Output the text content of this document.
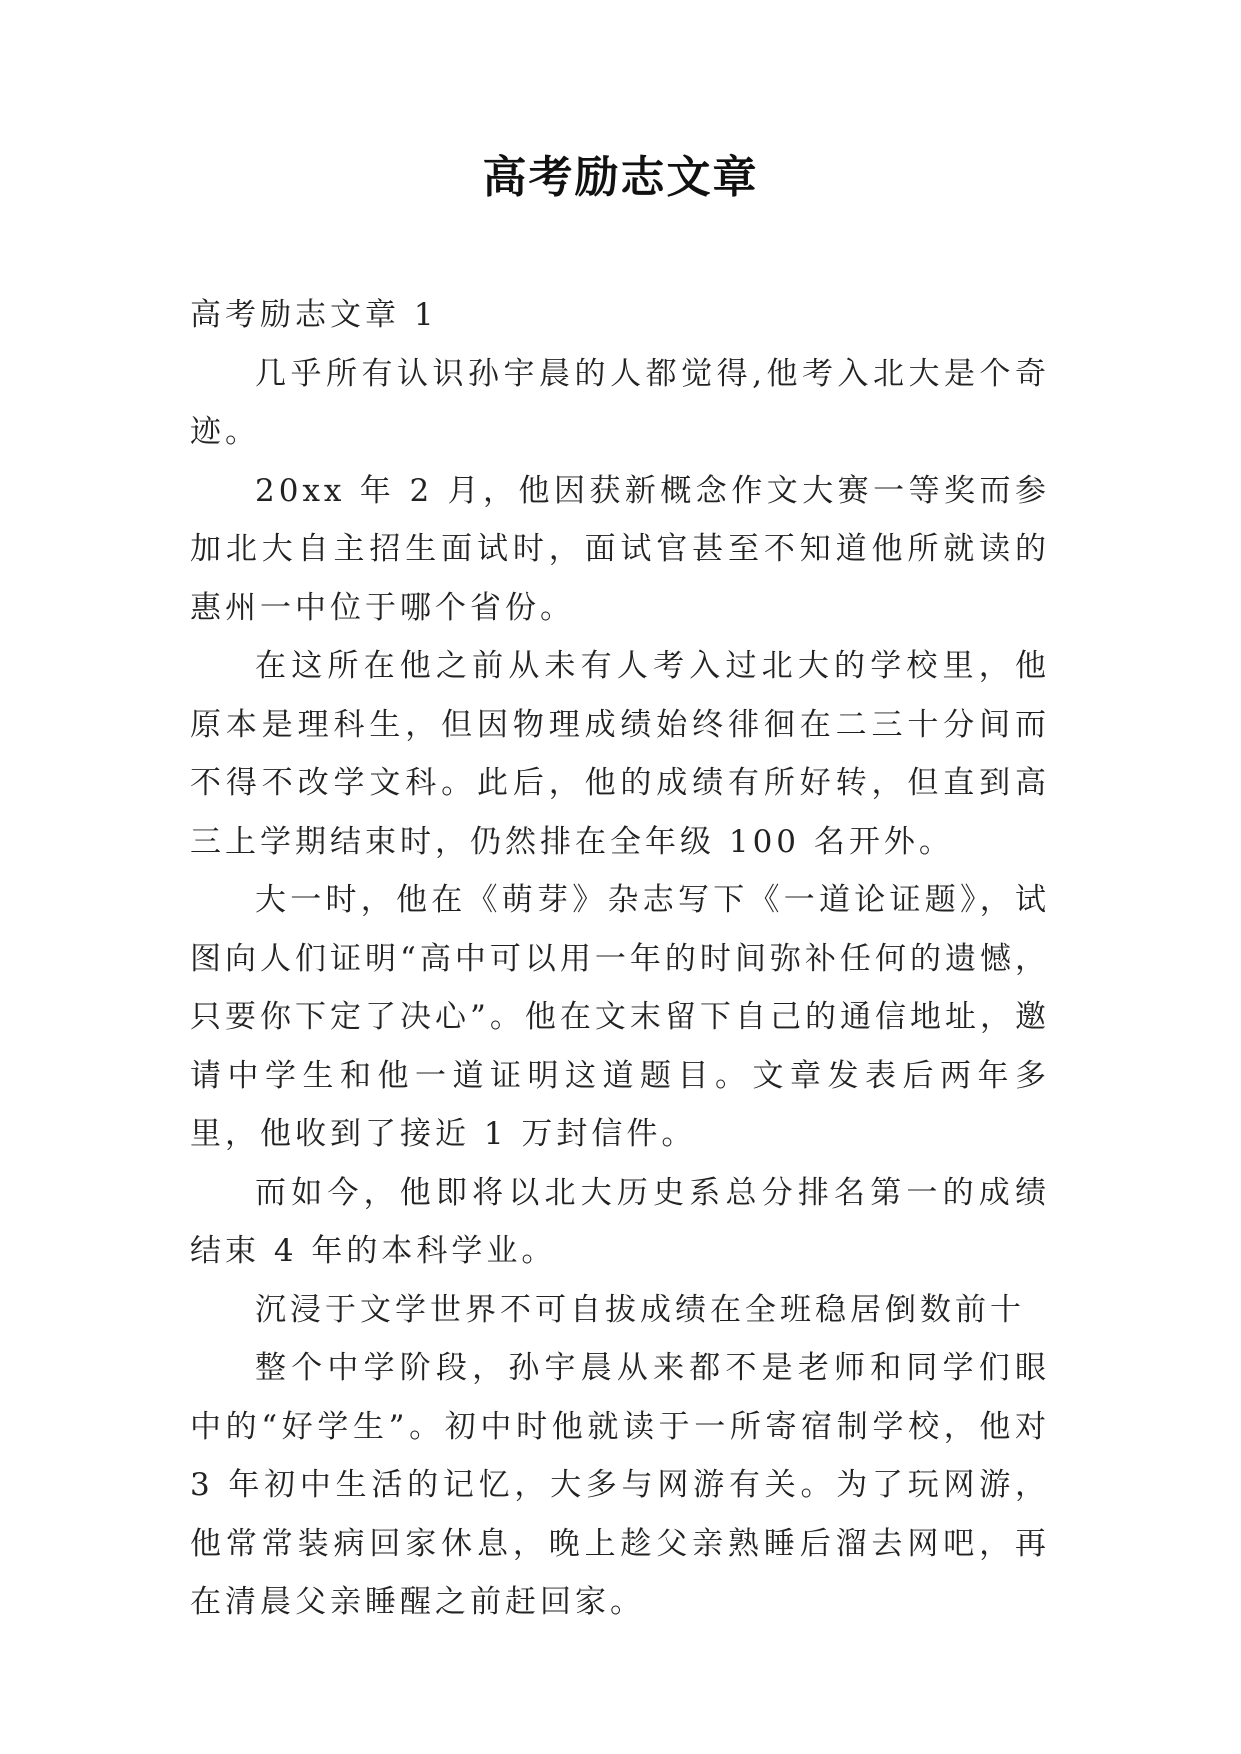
高考励志文章

高考励志文章 1

几乎所有认识孙宇晨的人都觉得,他考入北大是个奇迹。

20xx 年 2 月，他因获新概念作文大赛一等奖而参加北大自主招生面试时，面试官甚至不知道他所就读的惠州一中位于哪个省份。

在这所在他之前从未有人考入过北大的学校里，他原本是理科生，但因物理成绩始终徘徊在二三十分间而不得不改学文科。此后，他的成绩有所好转，但直到高三上学期结束时，仍然排在全年级 100 名开外。

大一时，他在《萌芽》杂志写下《一道论证题》，试图向人们证明“高中可以用一年的时间弥补任何的遗憾，只要你下定了决心”。他在文末留下自己的通信地址，邀请中学生和他一道证明这道题目。文章发表后两年多里，他收到了接近 1 万封信件。

而如今，他即将以北大历史系总分排名第一的成绩结束 4 年的本科学业。

沉浸于文学世界不可自拔成绩在全班稳居倒数前十

整个中学阶段，孙宇晨从来都不是老师和同学们眼中的“好学生”。初中时他就读于一所寄宿制学校，他对 3 年初中生活的记忆，大多与网游有关。为了玩网游，他常常装病回家休息，晚上趁父亲熟睡后溜去网吧，再在清晨父亲睡醒之前赶回家。
